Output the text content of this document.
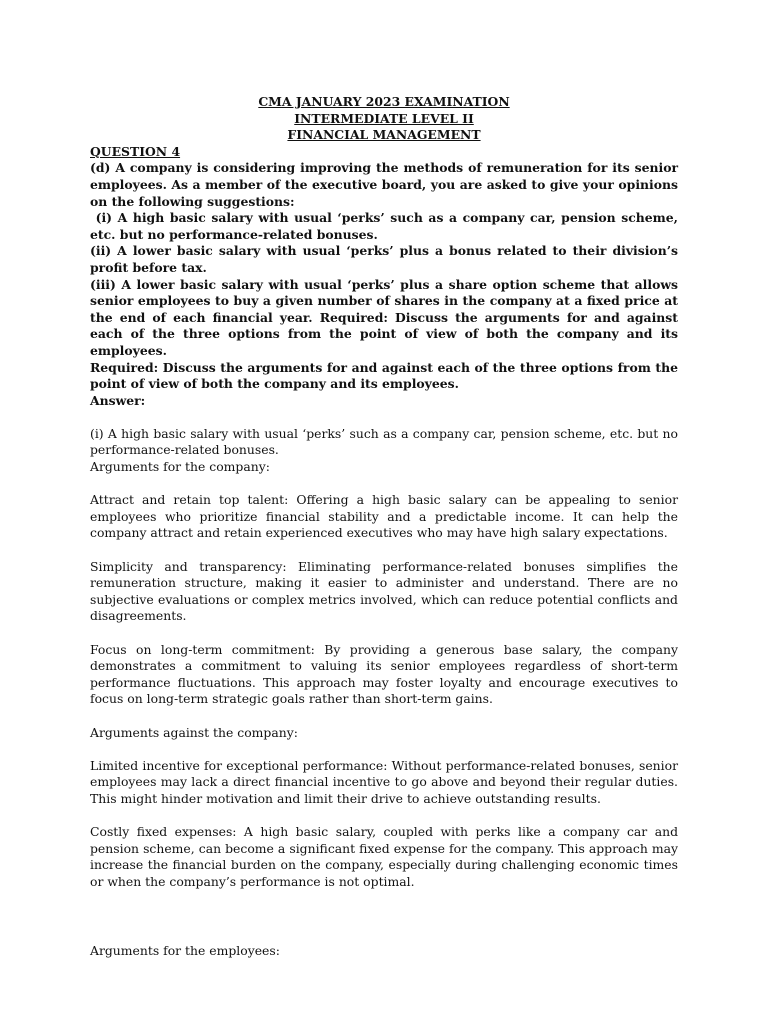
CMA JANUARY 2023 EXAMINATION

INTERMEDIATE LEVEL II

FINANCIAL MANAGEMENT

QUESTION 4

(d) A company is considering improving the methods of remuneration for its senior employees. As a member of the executive board, you are asked to give your opinions on the following suggestions:

(i) A high basic salary with usual ‘perks’ such as a company car, pension scheme, etc. but no performance-related bonuses.

(ii) A lower basic salary with usual ‘perks’ plus a bonus related to their division’s profit before tax.

(iii) A lower basic salary with usual ‘perks’ plus a share option scheme that allows senior employees to buy a given number of shares in the company at a fixed price at the end of each financial year. Required: Discuss the arguments for and against each of the three options from the point of view of both the company and its employees.

Required: Discuss the arguments for and against each of the three options from the point of view of both the company and its employees.

Answer:

(i) A high basic salary with usual ‘perks’ such as a company car, pension scheme, etc. but no performance-related bonuses.

Arguments for the company:

Attract and retain top talent: Offering a high basic salary can be appealing to senior employees who prioritize financial stability and a predictable income. It can help the company attract and retain experienced executives who may have high salary expectations.

Simplicity and transparency: Eliminating performance-related bonuses simplifies the remuneration structure, making it easier to administer and understand. There are no subjective evaluations or complex metrics involved, which can reduce potential conflicts and disagreements.

Focus on long-term commitment: By providing a generous base salary, the company demonstrates a commitment to valuing its senior employees regardless of short-term performance fluctuations. This approach may foster loyalty and encourage executives to focus on long-term strategic goals rather than short-term gains.

Arguments against the company:

Limited incentive for exceptional performance: Without performance-related bonuses, senior employees may lack a direct financial incentive to go above and beyond their regular duties. This might hinder motivation and limit their drive to achieve outstanding results.

Costly fixed expenses: A high basic salary, coupled with perks like a company car and pension scheme, can become a significant fixed expense for the company. This approach may increase the financial burden on the company, especially during challenging economic times or when the company’s performance is not optimal.

Arguments for the employees:
